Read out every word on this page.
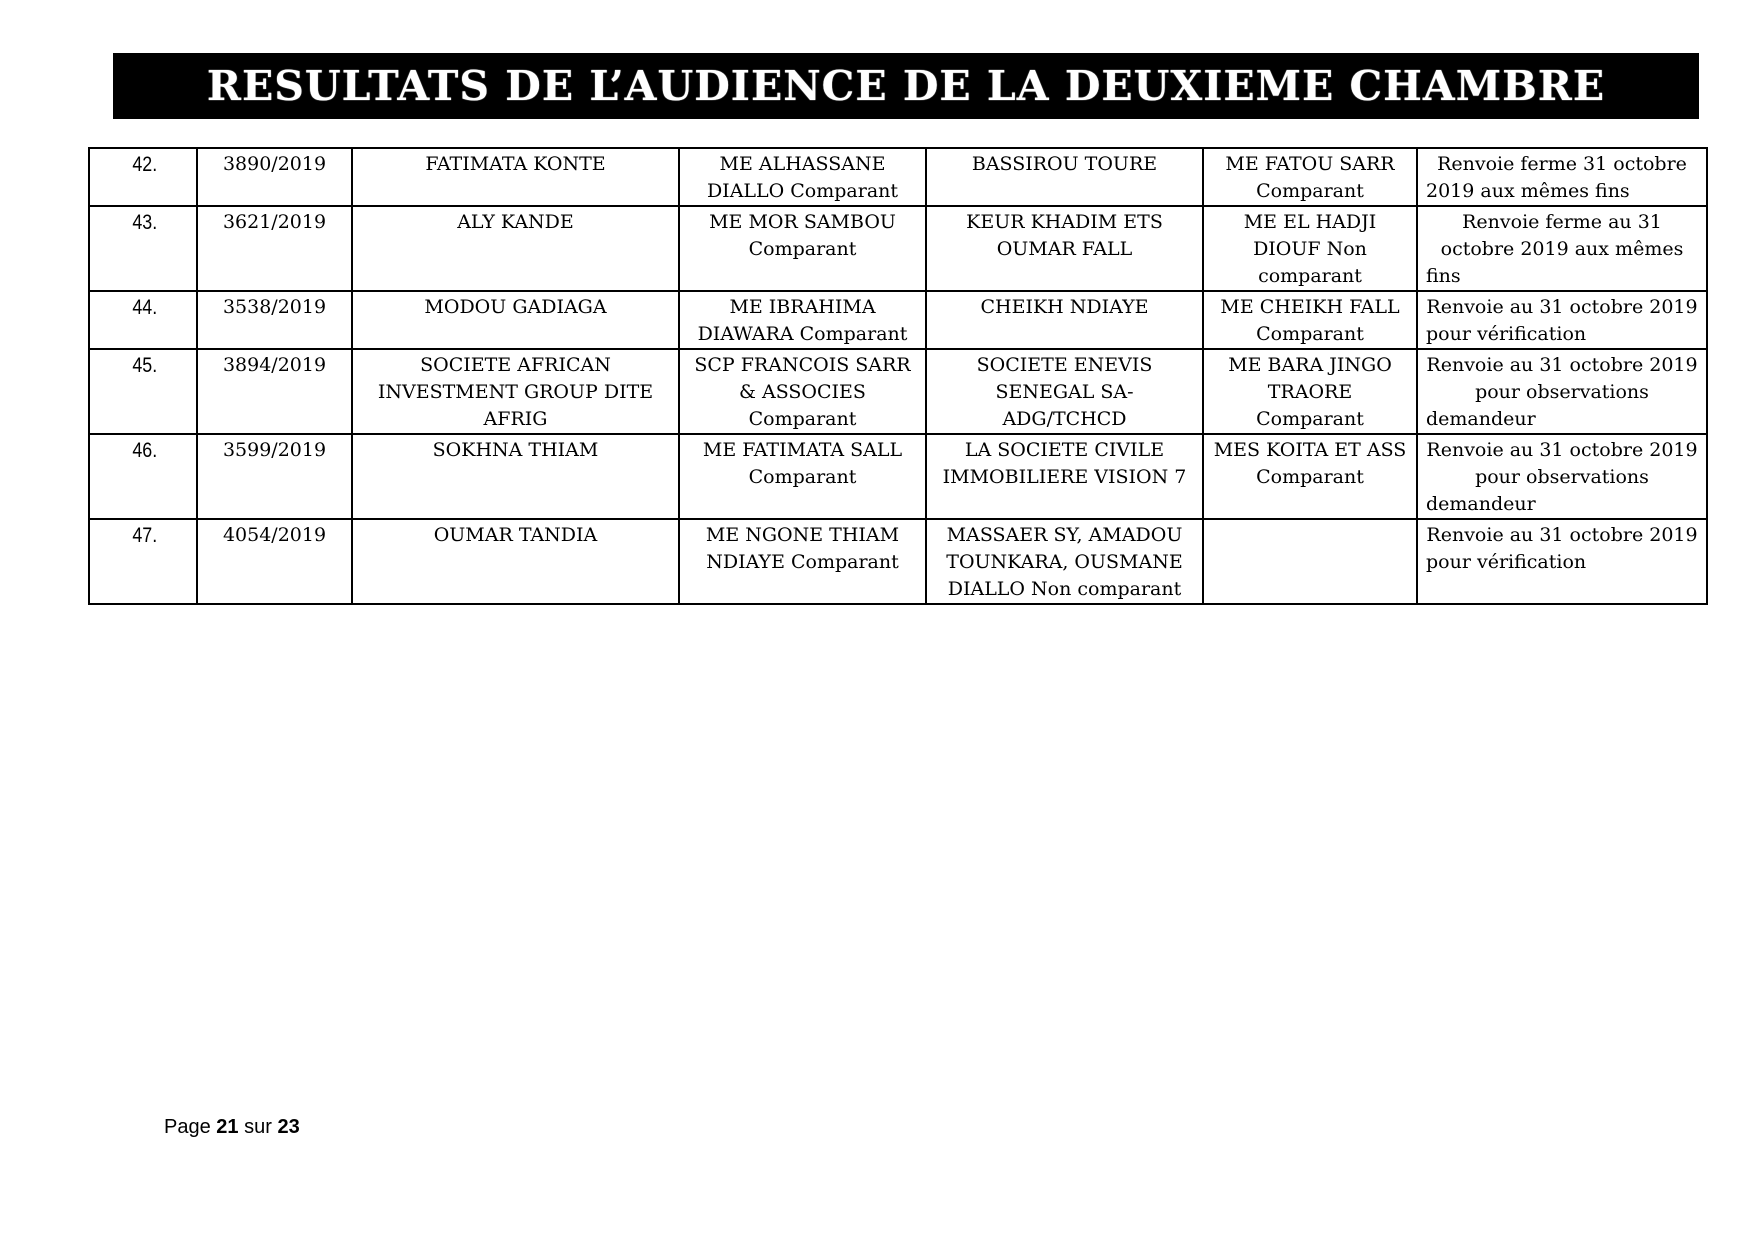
RESULTATS DE L’AUDIENCE DE LA DEUXIEME CHAMBRE
42.	3890/2019	FATIMATA KONTE	ME ALHASSANE DIALLO Comparant	BASSIROU TOURE	ME FATOU SARR Comparant	Renvoie ferme 31 octobre 2019 aux mêmes fins
43.	3621/2019	ALY KANDE	ME MOR SAMBOU Comparant	KEUR KHADIM ETS OUMAR FALL	ME EL HADJI DIOUF Non comparant	Renvoie ferme au 31 octobre 2019 aux mêmes fins
44.	3538/2019	MODOU GADIAGA	ME IBRAHIMA DIAWARA Comparant	CHEIKH NDIAYE	ME CHEIKH FALL Comparant	Renvoie au 31 octobre 2019 pour vérification
45.	3894/2019	SOCIETE AFRICAN INVESTMENT GROUP DITE AFRIG	SCP FRANCOIS SARR & ASSOCIES Comparant	SOCIETE ENEVIS SENEGAL SA-ADG/TCHCD	ME BARA JINGO TRAORE Comparant	Renvoie au 31 octobre 2019 pour observations demandeur
46.	3599/2019	SOKHNA THIAM	ME FATIMATA SALL Comparant	LA SOCIETE CIVILE IMMOBILIERE VISION 7	MES KOITA ET ASS Comparant	Renvoie au 31 octobre 2019 pour observations demandeur
47.	4054/2019	OUMAR TANDIA	ME NGONE THIAM NDIAYE Comparant	MASSAER SY, AMADOU TOUNKARA, OUSMANE DIALLO Non comparant		Renvoie au 31 octobre 2019 pour vérification
Page 21 sur 23
